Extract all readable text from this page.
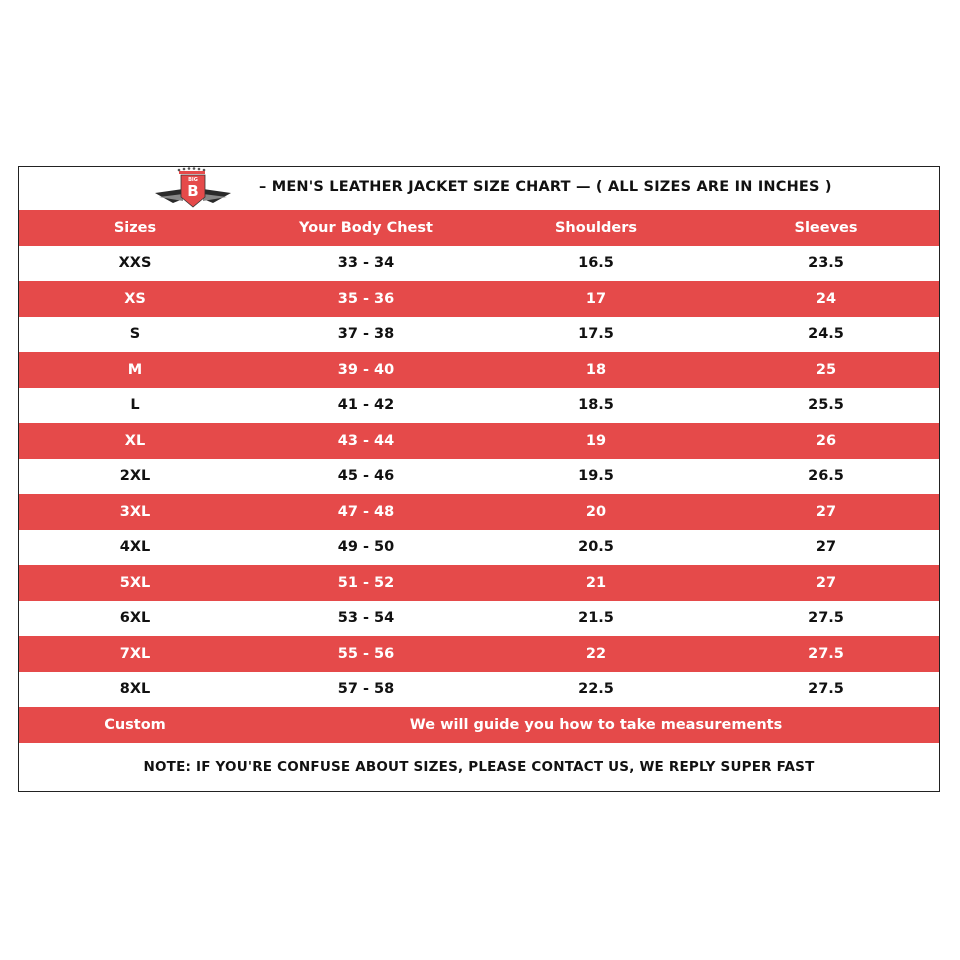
BIG
B	– MEN'S LEATHER JACKET SIZE CHART — ( ALL SIZES ARE IN INCHES )
Sizes	Your Body Chest	Shoulders	Sleeves
XXS	33 - 34	16.5	23.5
XS	35 - 36	17	24
S	37 - 38	17.5	24.5
M	39 - 40	18	25
L	41 - 42	18.5	25.5
XL	43 - 44	19	26
2XL	45 - 46	19.5	26.5
3XL	47 - 48	20	27
4XL	49 - 50	20.5	27
5XL	51 - 52	21	27
6XL	53 - 54	21.5	27.5
7XL	55 - 56	22	27.5
8XL	57 - 58	22.5	27.5
Custom	We will guide you how to take measurements
NOTE: IF YOU'RE CONFUSE ABOUT SIZES, PLEASE CONTACT US, WE REPLY SUPER FAST
